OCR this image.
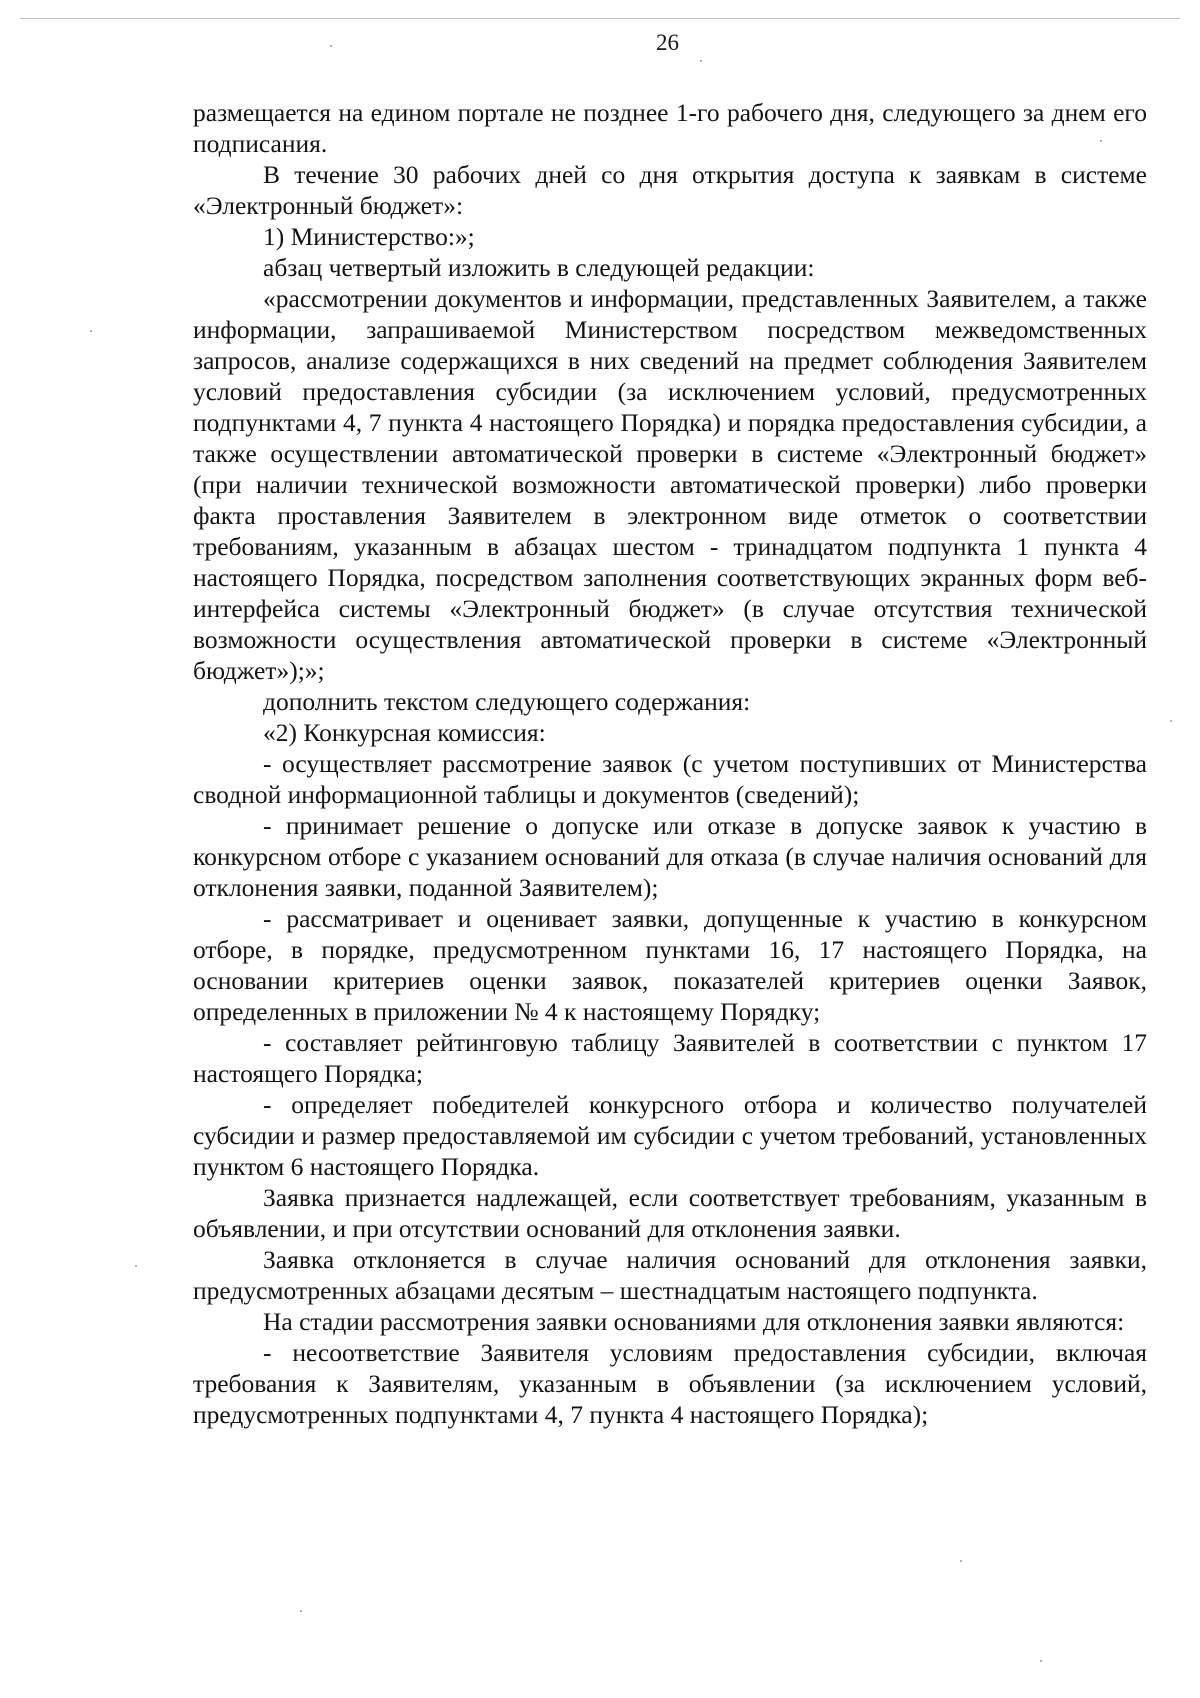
26

размещается на едином портале не позднее 1-го рабочего дня, следующего за днем его подписания.

В течение 30 рабочих дней со дня открытия доступа к заявкам в системе «Электронный бюджет»:

1) Министерство:»;

абзац четвертый изложить в следующей редакции:

«рассмотрении документов и информации, представленных Заявителем, а также информации, запрашиваемой Министерством посредством межведомственных запросов, анализе содержащихся в них сведений на предмет соблюдения Заявителем условий предоставления субсидии (за исключением условий, предусмотренных подпунктами 4, 7 пункта 4 настоящего Порядка) и порядка предоставления субсидии, а также осуществлении автоматической проверки в системе «Электронный бюджет» (при наличии технической возможности автоматической проверки) либо проверки факта проставления Заявителем в электронном виде отметок о соответствии требованиям, указанным в абзацах шестом - тринадцатом подпункта 1 пункта 4 настоящего Порядка, посредством заполнения соответствующих экранных форм веб-интерфейса системы «Электронный бюджет» (в случае отсутствия технической возможности осуществления автоматической проверки в системе «Электронный бюджет»);»;

дополнить текстом следующего содержания:

«2) Конкурсная комиссия:

- осуществляет рассмотрение заявок (с учетом поступивших от Министерства сводной информационной таблицы и документов (сведений);

- принимает решение о допуске или отказе в допуске заявок к участию в конкурсном отборе с указанием оснований для отказа (в случае наличия оснований для отклонения заявки, поданной Заявителем);

- рассматривает и оценивает заявки, допущенные к участию в конкурсном отборе, в порядке, предусмотренном пунктами 16, 17 настоящего Порядка, на основании критериев оценки заявок, показателей критериев оценки Заявок, определенных в приложении № 4 к настоящему Порядку;

- составляет рейтинговую таблицу Заявителей в соответствии с пунктом 17 настоящего Порядка;

- определяет победителей конкурсного отбора и количество получателей субсидии и размер предоставляемой им субсидии с учетом требований, установленных пунктом 6 настоящего Порядка.

Заявка признается надлежащей, если соответствует требованиям, указанным в объявлении, и при отсутствии оснований для отклонения заявки.

Заявка отклоняется в случае наличия оснований для отклонения заявки, предусмотренных абзацами десятым – шестнадцатым настоящего подпункта.

На стадии рассмотрения заявки основаниями для отклонения заявки являются:

- несоответствие Заявителя условиям предоставления субсидии, включая требования к Заявителям, указанным в объявлении (за исключением условий, предусмотренных подпунктами 4, 7 пункта 4 настоящего Порядка);
